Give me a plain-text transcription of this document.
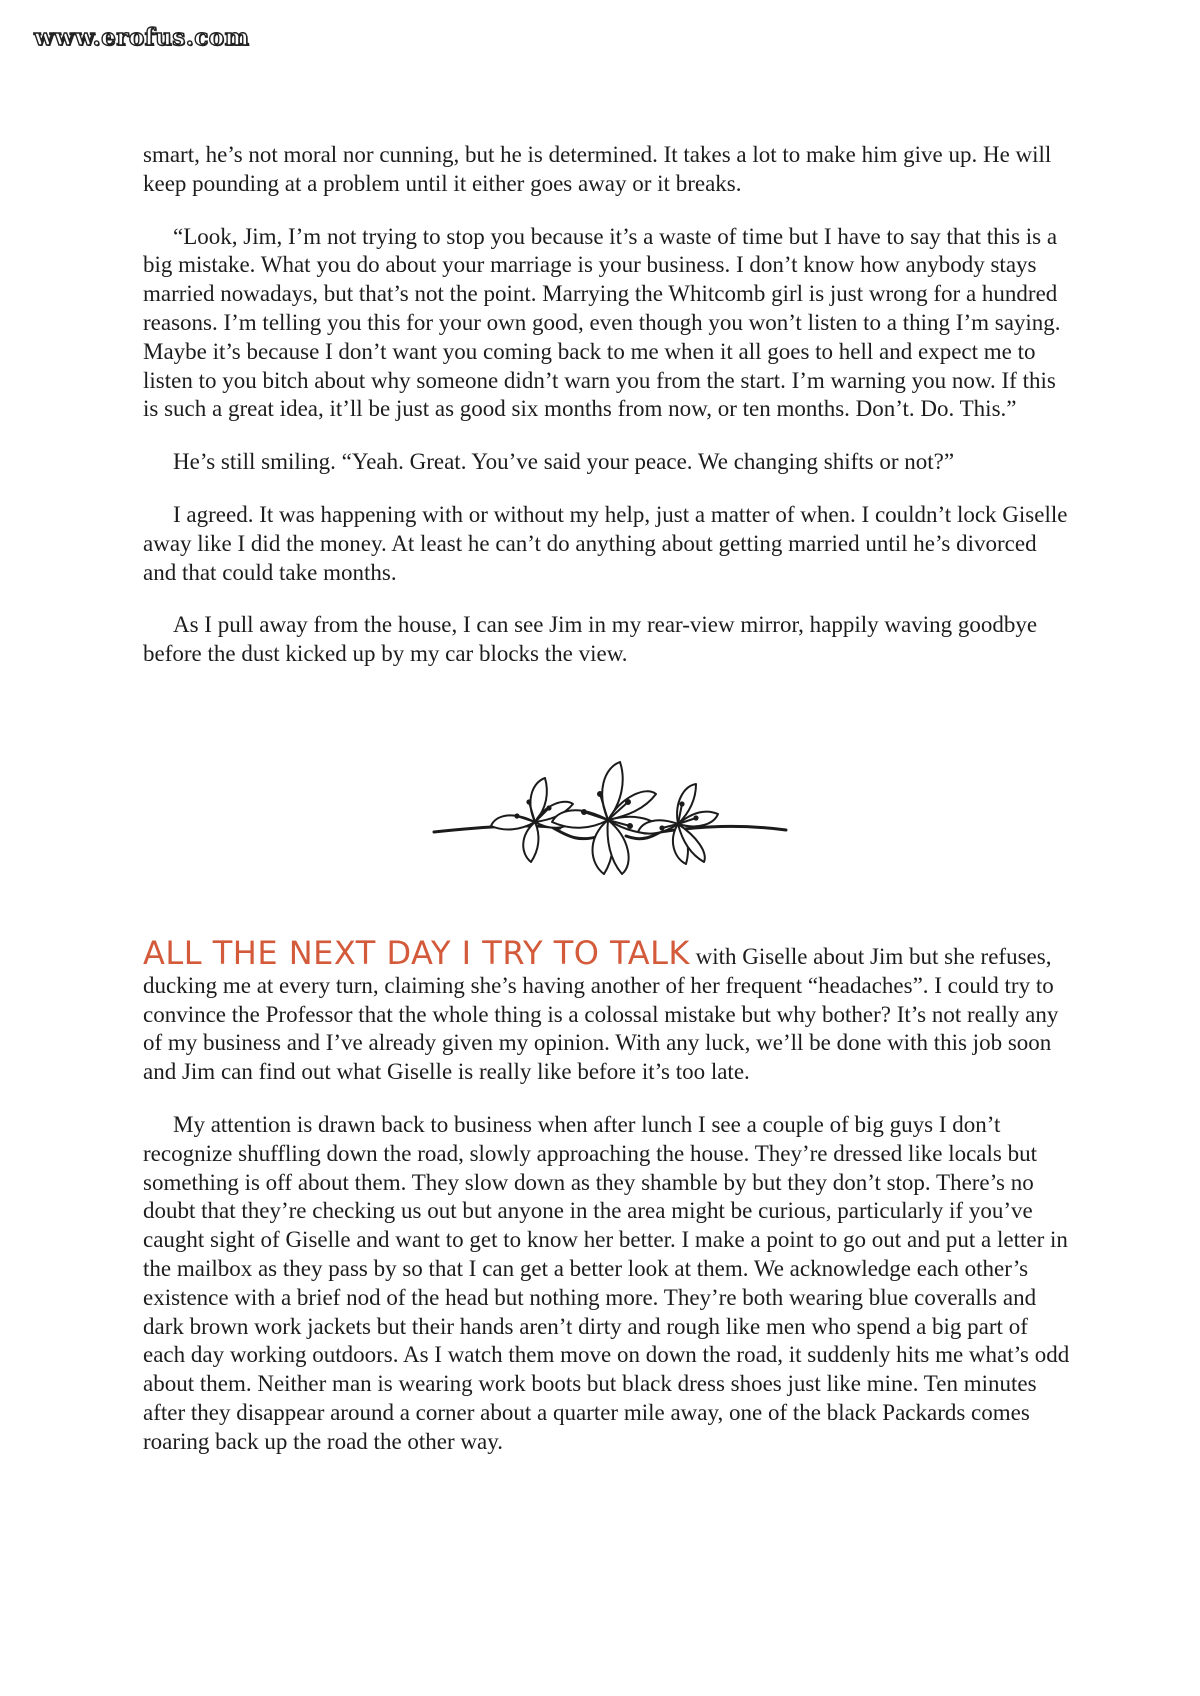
www.erofus.com

smart, he’s not moral nor cunning, but he is determined. It takes a lot to make him give up. He will keep pounding at a problem until it either goes away or it breaks.

“Look, Jim, I’m not trying to stop you because it’s a waste of time but I have to say that this is a big mistake. What you do about your marriage is your business. I don’t know how anybody stays married nowadays, but that’s not the point. Marrying the Whitcomb girl is just wrong for a hundred reasons. I’m telling you this for your own good, even though you won’t listen to a thing I’m saying. Maybe it’s because I don’t want you coming back to me when it all goes to hell and expect me to listen to you bitch about why someone didn’t warn you from the start. I’m warning you now. If this is such a great idea, it’ll be just as good six months from now, or ten months. Don’t. Do. This.”

He’s still smiling. “Yeah. Great. You’ve said your peace. We changing shifts or not?”

I agreed. It was happening with or without my help, just a matter of when. I couldn’t lock Giselle away like I did the money. At least he can’t do anything about getting married until he’s divorced and that could take months.

As I pull away from the house, I can see Jim in my rear-view mirror, happily waving goodbye before the dust kicked up by my car blocks the view.

ALL THE NEXT DAY I TRY TO TALK with Giselle about Jim but she refuses, ducking me at every turn, claiming she’s having another of her frequent “headaches”. I could try to convince the Professor that the whole thing is a colossal mistake but why bother? It’s not really any of my business and I’ve already given my opinion. With any luck, we’ll be done with this job soon and Jim can find out what Giselle is really like before it’s too late.

My attention is drawn back to business when after lunch I see a couple of big guys I don’t recognize shuffling down the road, slowly approaching the house. They’re dressed like locals but something is off about them. They slow down as they shamble by but they don’t stop. There’s no doubt that they’re checking us out but anyone in the area might be curious, particularly if you’ve caught sight of Giselle and want to get to know her better. I make a point to go out and put a letter in the mailbox as they pass by so that I can get a better look at them. We acknowledge each other’s existence with a brief nod of the head but nothing more. They’re both wearing blue coveralls and dark brown work jackets but their hands aren’t dirty and rough like men who spend a big part of each day working outdoors. As I watch them move on down the road, it suddenly hits me what’s odd about them. Neither man is wearing work boots but black dress shoes just like mine. Ten minutes after they disappear around a corner about a quarter mile away, one of the black Packards comes roaring back up the road the other way.
